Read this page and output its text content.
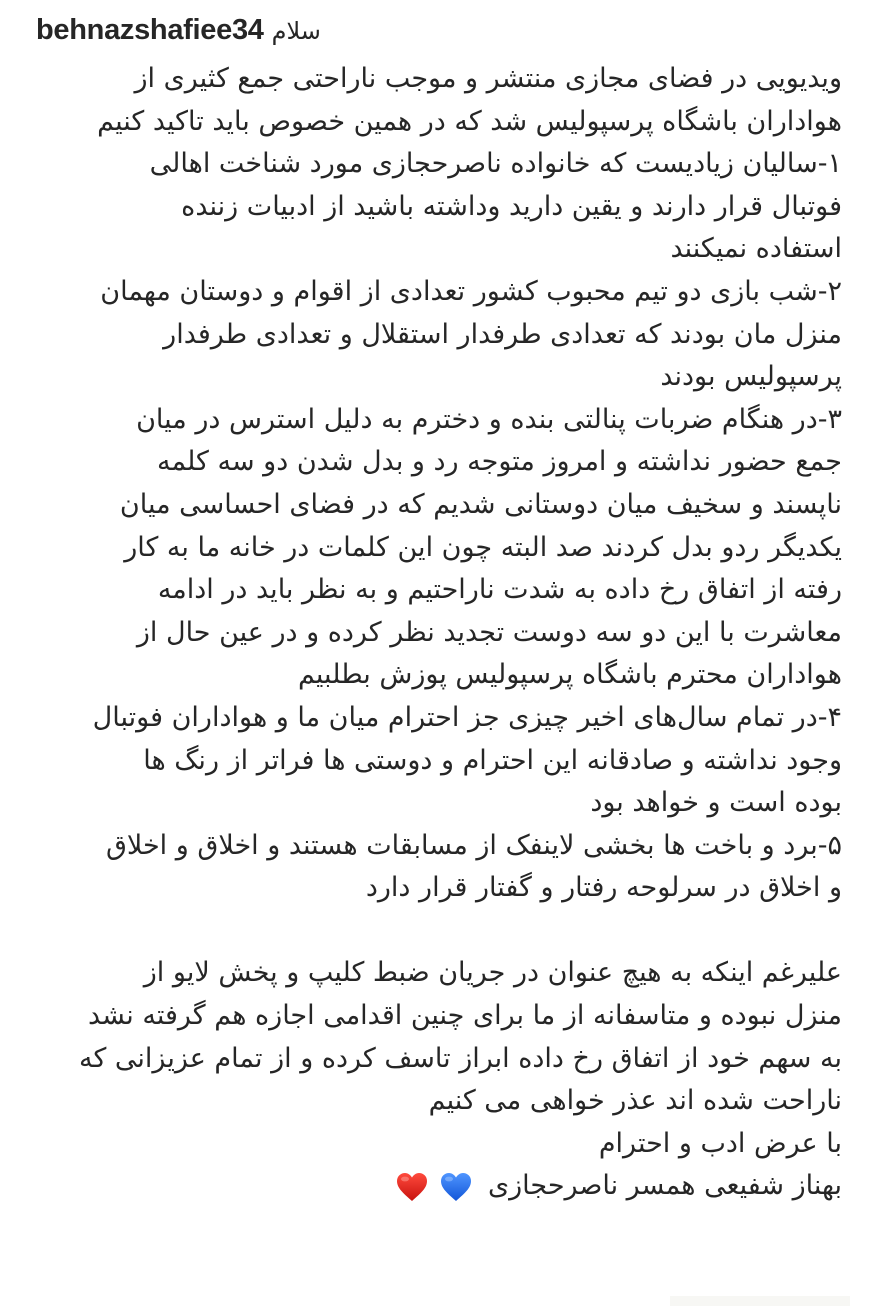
behnazshafiee34 سلام
ویدیویی در فضای مجازی منتشر و موجب ناراحتی جمع کثیری از
هواداران باشگاه پرسپولیس شد که در همین خصوص باید تاکید کنیم
۱-سالیان زیادیست که خانواده ناصرحجازی مورد شناخت اهالی
فوتبال قرار دارند و یقین دارید وداشته باشید از ادبیات زننده
استفاده نمیکنند
۲-شب بازی دو تیم محبوب کشور تعدادی از اقوام و دوستان مهمان
منزل مان بودند که تعدادی طرفدار استقلال و تعدادی طرفدار
پرسپولیس بودند
۳-در هنگام ضربات پنالتی بنده و دخترم به دلیل استرس در میان
جمع حضور نداشته و امروز متوجه رد و بدل شدن دو سه کلمه
ناپسند و سخیف میان دوستانی شدیم که در فضای احساسی میان
یکدیگر ردو بدل کردند صد البته چون این کلمات در خانه ما به کار
رفته از اتفاق رخ داده به شدت ناراحتیم و به نظر باید در ادامه
معاشرت با این دو سه دوست تجدید نظر کرده و در عین حال از
هواداران محترم باشگاه پرسپولیس پوزش بطلبیم
۴-در تمام سال‌های اخیر چیزی جز احترام میان ما و هواداران فوتبال
وجود نداشته و صادقانه این احترام و دوستی ها فراتر از رنگ ها
بوده است و خواهد بود
۵-برد و باخت ها بخشی لاینفک از مسابقات هستند و اخلاق و اخلاق
و اخلاق در سرلوحه رفتار و گفتار قرار دارد
علیرغم اینکه به هیچ عنوان در جریان ضبط کلیپ و پخش لایو از
منزل نبوده و متاسفانه از ما برای چنین اقدامی اجازه هم گرفته نشد
به سهم خود از اتفاق رخ داده ابراز تاسف کرده و از تمام عزیزانی که
ناراحت شده اند عذر خواهی می کنیم
با عرض ادب و احترام
بهناز شفیعی همسر ناصرحجازی
